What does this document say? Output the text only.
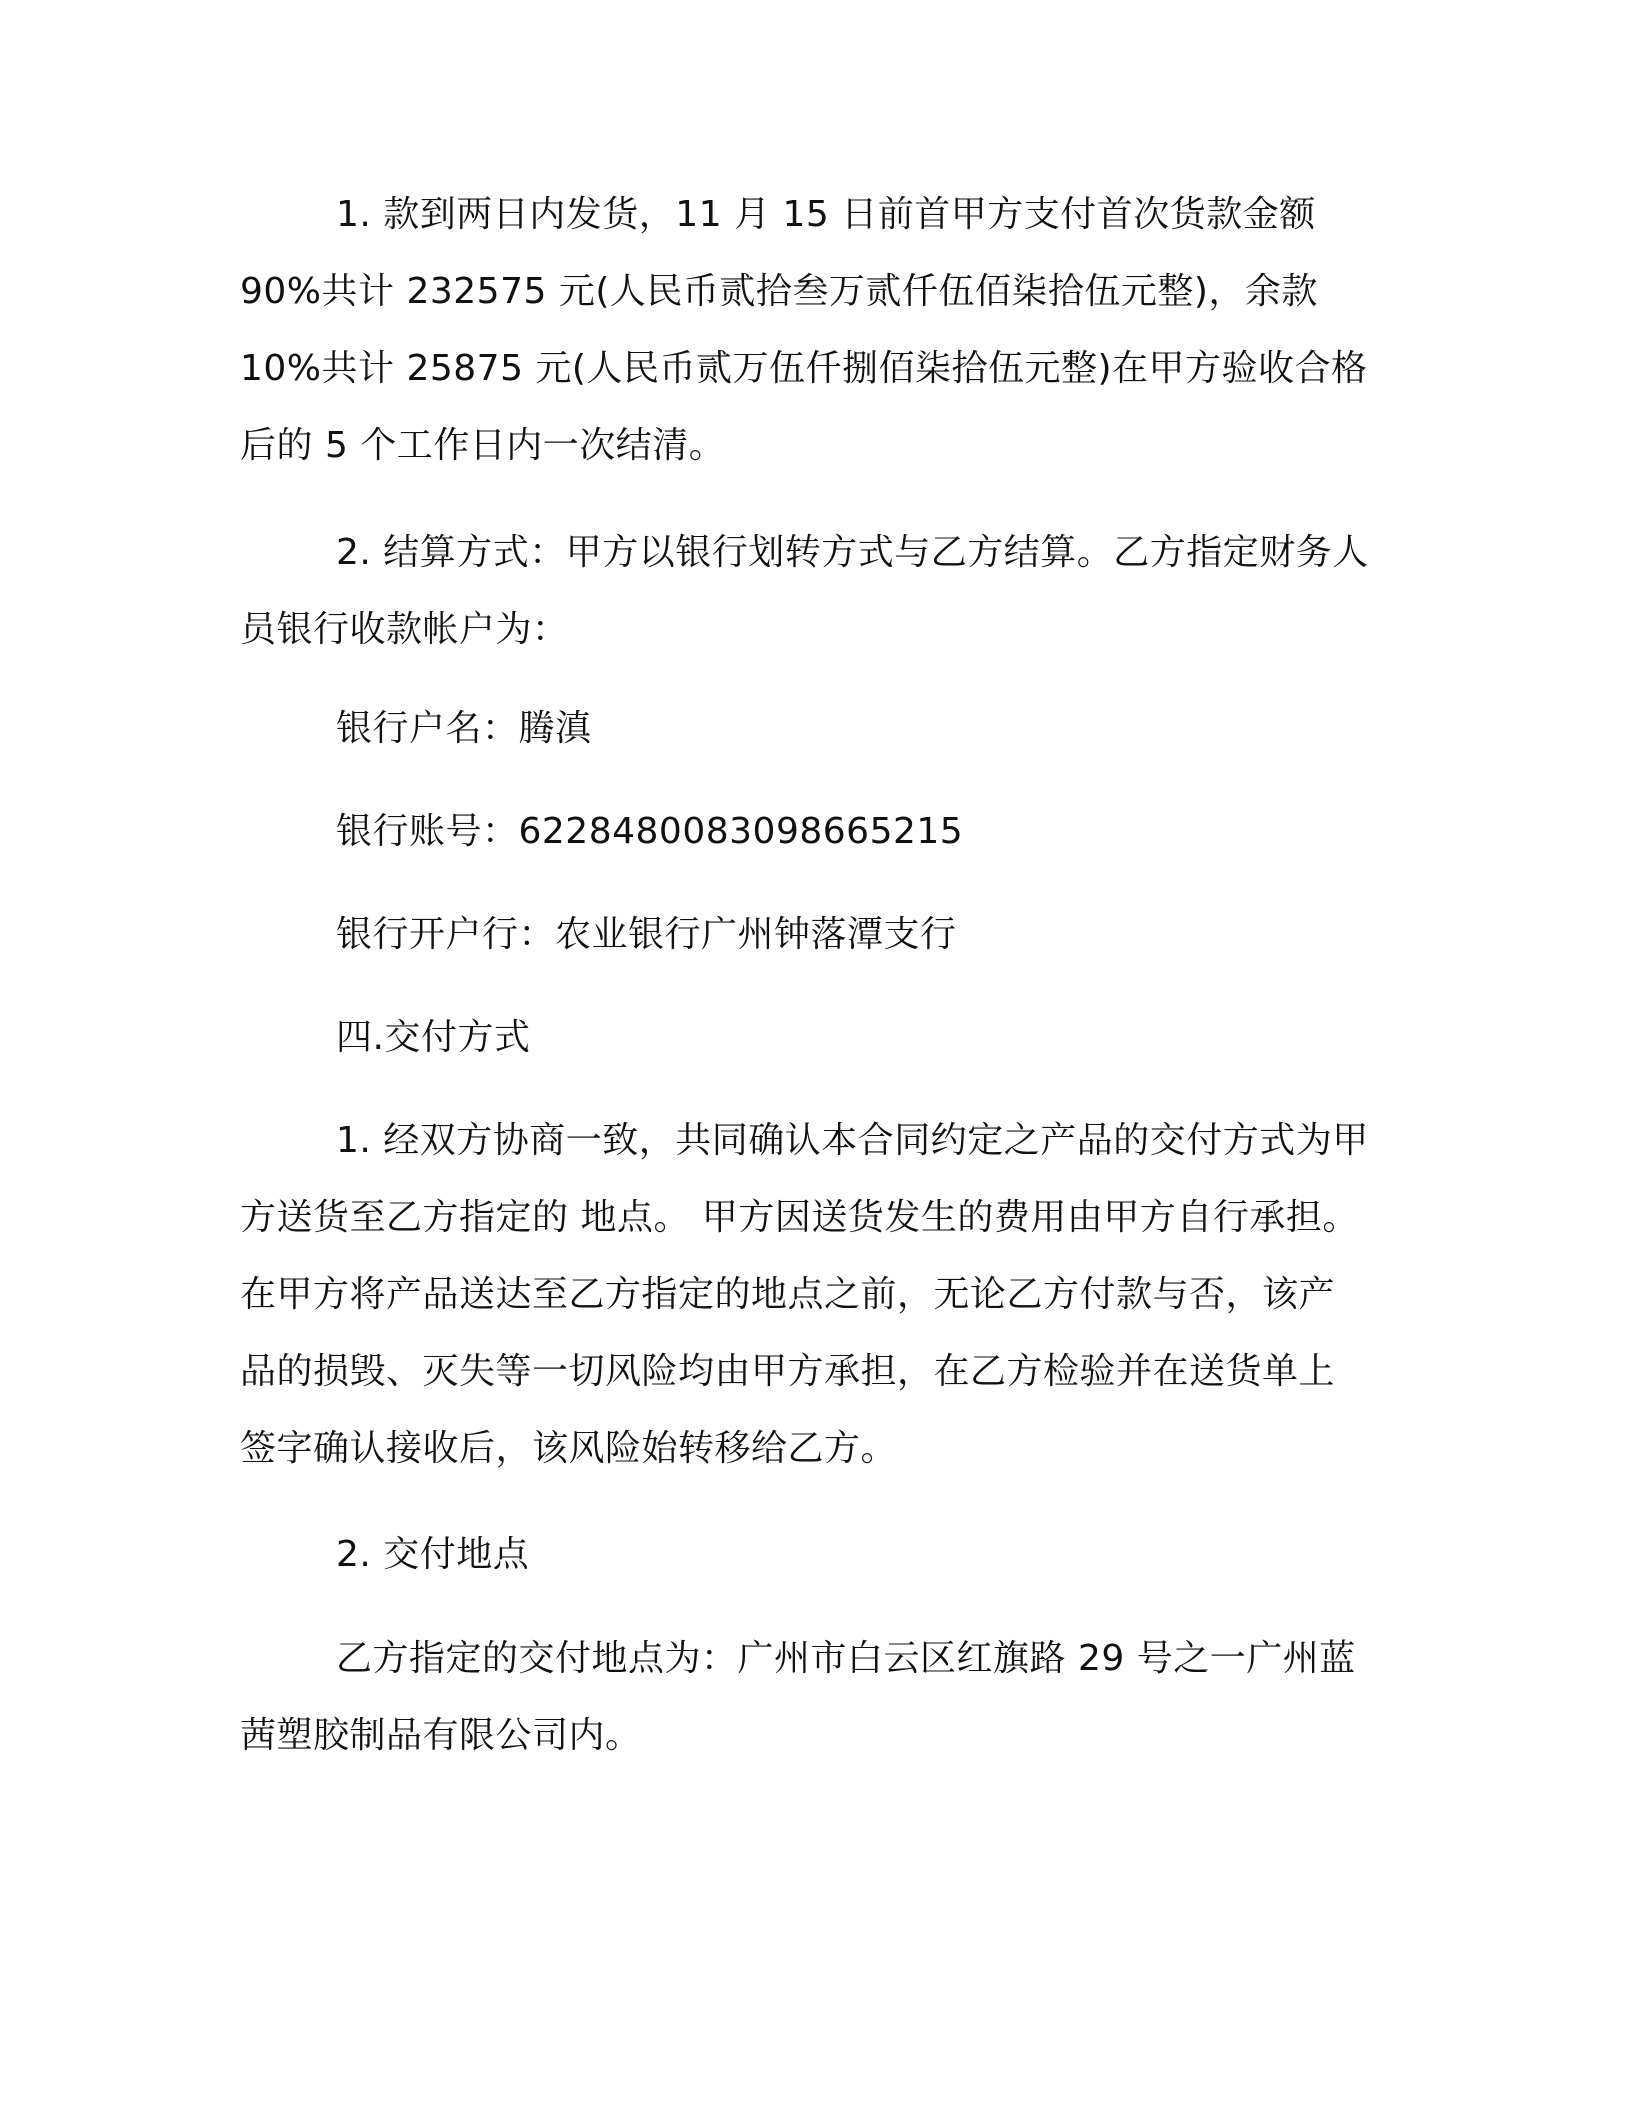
1. 款到两日内发货，11 月 15 日前首甲方支付首次货款金额
90%共计 232575 元(人民币贰拾叁万贰仟伍佰柒拾伍元整)，余款
10%共计 25875 元(人民币贰万伍仟捌佰柒拾伍元整)在甲方验收合格
后的 5 个工作日内一次结清。

2. 结算方式：甲方以银行划转方式与乙方结算。乙方指定财务人
员银行收款帐户为：

银行户名：腾滇

银行账号：6228480083098665215

银行开户行：农业银行广州钟落潭支行

四.交付方式

1. 经双方协商一致，共同确认本合同约定之产品的交付方式为甲
方送货至乙方指定的 地点。 甲方因送货发生的费用由甲方自行承担。
在甲方将产品送达至乙方指定的地点之前，无论乙方付款与否，该产
品的损毁、灭失等一切风险均由甲方承担，在乙方检验并在送货单上
签字确认接收后，该风险始转移给乙方。

2. 交付地点

乙方指定的交付地点为：广州市白云区红旗路 29 号之一广州蓝
茜塑胶制品有限公司内。
